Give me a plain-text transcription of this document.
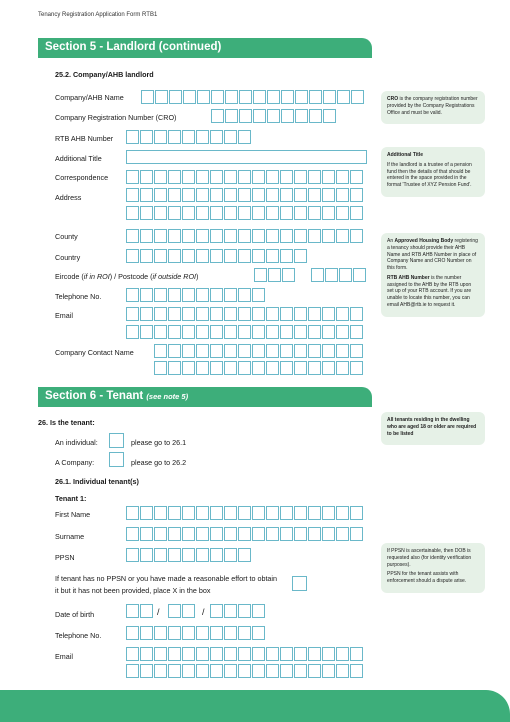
Tenancy Registration Application Form RTB1
Section 5 - Landlord (continued)
25.2. Company/AHB landlord
Company/AHB Name
Company Registration Number (CRO)
RTB AHB Number
Additional Title
Correspondence
Address
County
Country
Eircode (if in ROI) / Postcode (if outside ROI)
Telephone No.
Email
Company Contact Name

CRO is the company registration number provided by the Company Registrations Office and must be valid.

Additional Title

If the landlord is a trustee of a pension fund then the details of that should be entered in the space provided in the format 'Trustee of XYZ Pension Fund'.

An Approved Housing Body registering a tenancy should provide their AHB Name and RTB AHB Number in place of Company Name and CRO Number on this form.

RTB AHB Number is the number assigned to the AHB by the RTB upon set up of your RTB account. If you are unable to locate this number, you can email AHB@rtb.ie to request it.

Section 6 - Tenant (see note 5)
26. Is the tenant:
An individual:	please go to 26.1
A Company:	please go to 26.2
26.1. Individual tenant(s)
Tenant 1:
First Name
Surname
PPSN
If tenant has no PPSN or you have made a reasonable effort to obtain
it but it has not been provided, place X in the box
Date of birth	/	/
Telephone No.
Email

All tenants residing in the dwelling who are aged 18 or older are required to be listed

If PPSN is ascertainable, then DOB is requested also (for identity verification purposes).

PPSN for the tenant assists with enforcement should a dispute arise.
